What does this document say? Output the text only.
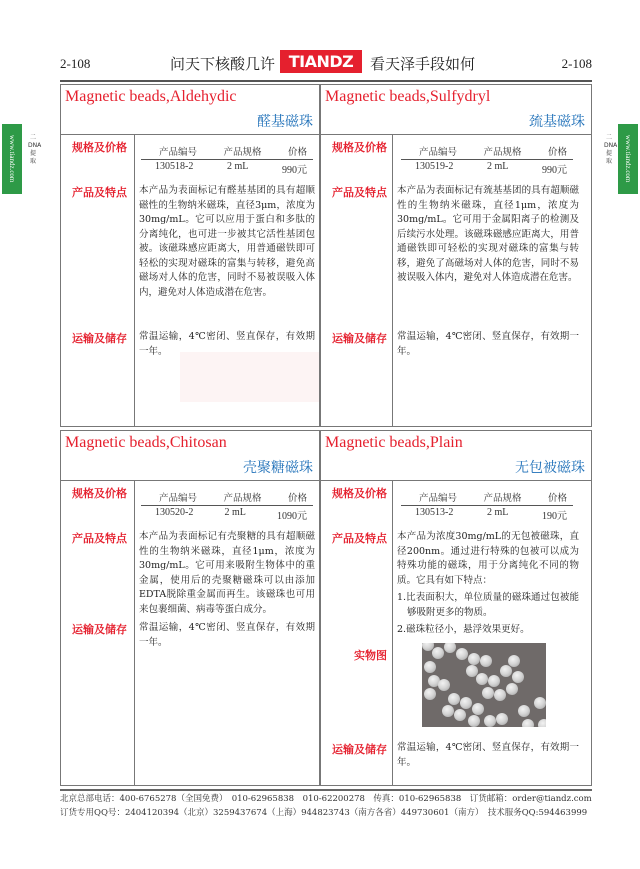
2-108	问天下核酸几许 TIANDZ	看天泽手段如何	2-108
www.tiandz.com	二 DNA 提取	www.tiandz.com
二 DNA 提取
Magnetic beads,Aldehydic
醛基磁珠
规格及价格	产品编号	产品规格	价格
130518-2	2 mL	990元
产品及特点 本产品为表面标记有醛基基团的具有超顺磁性的生物纳米磁珠，直径3μm，浓度为30mg/mL。它可以应用于蛋白和多肽的分离纯化，也可进一步被其它活性基团包被。该磁珠感应距离大，用普通磁铁即可轻松的实现对磁珠的富集与转移，避免高磁场对人体的危害，同时不易被误吸入体内，避免对人体造成潜在危害。
运输及储存 常温运输，4℃密闭、竖直保存，有效期一年。
Magnetic beads,Sulfydryl
巯基磁珠
规格及价格	产品编号	产品规格	价格
130519-2	2 mL	990元
产品及特点 本产品为表面标记有巯基基团的具有超顺磁性的生物纳米磁珠，直径1μm，浓度为30mg/mL。它可用于金属阳离子的检测及后续污水处理。该磁珠磁感应距离大，用普通磁铁即可轻松的实现对磁珠的富集与转移，避免了高磁场对人体的危害，同时不易被误吸入体内，避免对人体造成潜在危害。
运输及储存 常温运输，4℃密闭、竖直保存，有效期一年。
Magnetic beads,Chitosan
壳聚糖磁珠
规格及价格	产品编号	产品规格	价格
130520-2	2 mL	1090元
产品及特点 本产品为表面标记有壳聚糖的具有超顺磁性的生物纳米磁珠，直径1μm，浓度为30mg/mL。它可用来吸附生物体中的重金属，使用后的壳聚糖磁珠可以由添加EDTA脱除重金属而再生。该磁珠也可用来包裹细菌、病毒等蛋白成分。
运输及储存 常温运输，4℃密闭、竖直保存，有效期一年。
Magnetic beads,Plain
无包被磁珠
规格及价格	产品编号	产品规格	价格
130513-2	2 mL	190元
产品及特点 本产品为浓度30mg/mL的无包被磁珠，直径200nm。通过进行特殊的包被可以成为特殊功能的磁珠，用于分离纯化不同的物质。它具有如下特点：

1.比表面积大，单位质量的磁珠通过包被能够吸附更多的物质。

2.磁珠粒径小，悬浮效果更好。

实物图
运输及储存 常温运输，4℃密闭、竖直保存，有效期一年。
北京总部电话：400-6765278（全国免费）　010-62965838　010-62200278　传真：010-62965838　订货邮箱：order@tiandz.com
订货专用QQ号：2404120394（北京）3259437674（上海）944823743（南方各省）449730601（南方）　技术服务QQ:594463999
